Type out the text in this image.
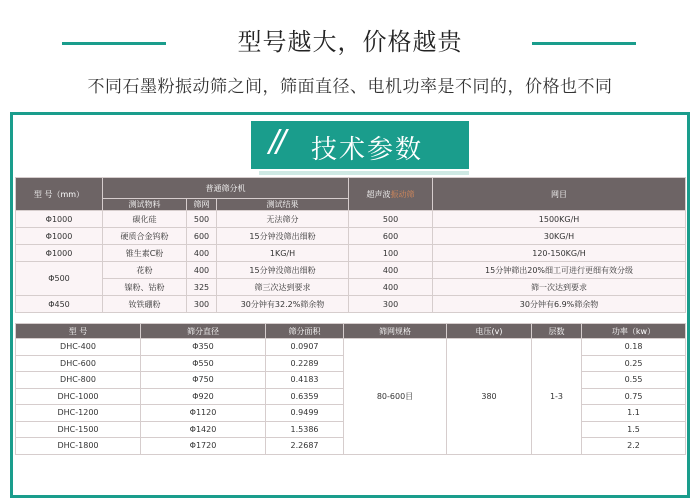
型号越大，价格越贵
不同石墨粉振动筛之间，筛面直径、电机功率是不同的，价格也不同
// 技术参数
型 号（mm）	普通筛分机			超声波振动筛	网目
	测试物料	筛网	测试结果		
Φ1000	碳化硅	500	无法筛分	500	1500KG/H
Φ1000	硬质合金钨粉	600	15分钟没筛出细粉	600	30KG/H
Φ1000	锥生素C粉	400	1KG/H	100	120-150KG/H
Φ500	花粉	400	15分钟没筛出细粉	400	15分钟筛出20%细工可进行更细有效分级
	镍粉、钴粉	325	筛三次达到要求	400	筛一次达到要求
Φ450	钕铁硼粉	300	30分钟有32.2%筛余物	300	30分钟有6.9%筛余物
型 号	筛分直径	筛分面积	筛网规格	电压(v)	层数	功率（kw）
DHC-400	Φ350	0.0907	80-600目	380	1-3	0.18
DHC-600	Φ550	0.2289				0.25
DHC-800	Φ750	0.4183				0.55
DHC-1000	Φ920	0.6359				0.75
DHC-1200	Φ1120	0.9499				1.1
DHC-1500	Φ1420	1.5386				1.5
DHC-1800	Φ1720	2.2687				2.2
